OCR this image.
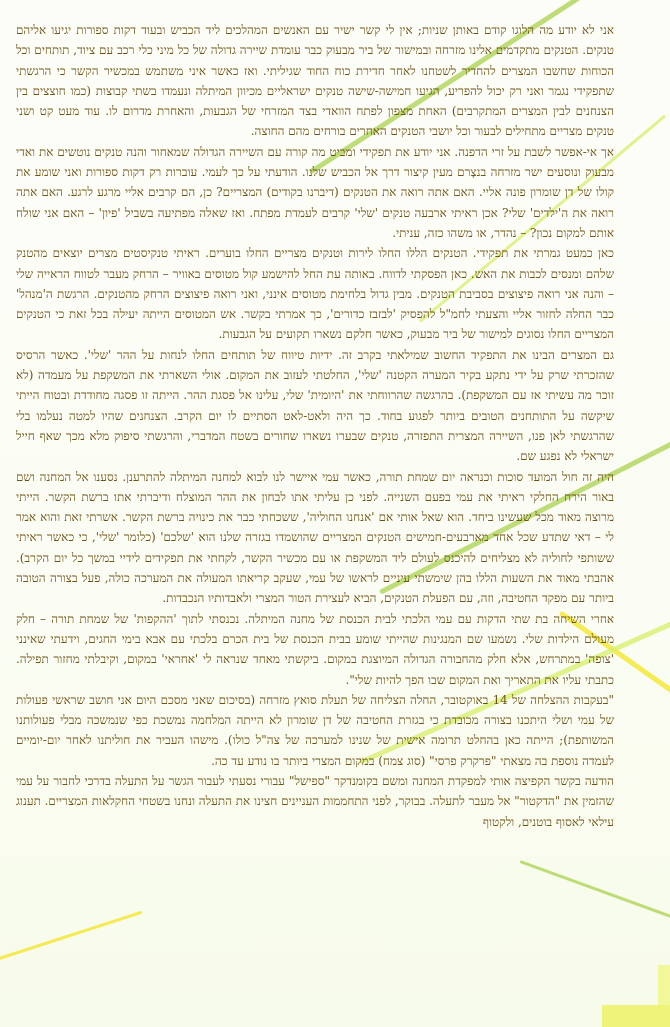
אני לא יודע מה הלוגו קודם באותן שניות; אין לי קשר ישיר עם האנשים המהלכים ליד הכביש ובעוד דקות ספורות יגיעו אליהם טנקים. הטנקים מתקדמים אלינו מזרחה ובמישור של ביר מבעוק כבר עומדת שיירה גדולה של כל מיני כלי רכב עם ציוד, תותחים וכל הכוחות שחשבו המצרים להחדיר לשטחנו לאחר חדירת כוח החוד שגיליתי. ואז כאשר איני משתמש במכשיר הקשר כי הרגשתי שתפקידי נגמר ואני רק יכול להפריע, הגיעו חמישה-שישה טנקים ישראליים מכיוון המיתלה ונעמדו בשתי קבוצות (כמו חוצצים בין הצנחנים לבין המצרים המתקרבים) האחת מצפון לפתח הוואדי בצד המזרחי של הגבעות, והאחרת מדרום לו. עוד מעט קט ושני טנקים מצריים מתחילים לבעור וכל יושבי הטנקים האחרים בורחים מהם החוצה.

אך אי-אפשר לשבת על זרי הדפנה. אני יודע את תפקידי ומביט מה קורה עם השיירה הגדולה שמאחור והנה טנקים נוטשים את ואדי מבעוק ונוסעים ישר מזרחה בנצָרם מעין קיצור דרך אל הכביש שלנו. הודעתי על כך לעמי. עוברות רק דקות ספורות ואני שומע את קולו של דן שומרון פונה אליי. האם אתה רואה את הטנקים (דיברנו בקודים) המצריים? כן, הם קרבים אליי מרגע לרגע. האם אתה רואה את ה'ילדים' שלי? אכן ראיתי ארבעה טנקים 'שלי' קרבים לעמדת מפתח. ואז שאלה מפתיעה בשביל 'פיון' – האם אני שולח אותם למקום נכון? – נהדר, או משהו כזה, עניתי.

כאן כמעט גמרתי את תפקידי. הטנקים הללו החלו לירות וטנקים מצריים החלו בוערים. ראיתי טנקיסטים מצרים יוצאים מהטנק שלהם ומנסים לכבות את האש. כאן הפסקתי לדווח. באותה עת החל להישמע קול מטוסים באוויר – הרחק מעבר לטווח הראייה שלי – והנה אני רואה פיצוצים בסביבת הטנקים. מבין גדול בלחימת מטוסים אינני, ואני רואה פיצוצים הרחק מהטנקים. הרגשת ה'מנהל' כבר החלה לחזור אליי והצעתי לחמ"ל להפסיק 'לבזבז כדורים', כך אמרתי בקשר. אש המטוסים הייתה יעילה בכל זאת כי הטנקים המצריים החלו נסוגים למישור של ביר מבעוק, כאשר חלקם נשארו תקועים על הגבעות.

גם המצרים הבינו את התפקיד החשוב שמילאתי בקרב זה. ידיות טיווח של תותחים החלו לנחות על ההר 'שלי'. כאשר הרסיס שהזכרתי שרק על ידי נתקע בקיר המערה הקטנה 'שלי', החלטתי לעזוב את המקום. אולי השארתי את המשקפת על מעמדה (לא זוכר מה עשיתי אז עם המשקפת). בהרגשה שהרווחתי את 'היומית' שלי, עלינו אל פסגת ההר. הייתה זו פסגה מחודדת ובטוח הייתי שיקשה על התותחנים הטובים ביותר לפגוע בחוד. כך היה ולאט-לאט הסתיים לו יום הקרב. הצנחנים שהיו למטה נעלמו בלי שהרגשתי לאן פנו, השיירה המצרית התפזרה, טנקים שבערו נשארו שחורים בשטח המדברי, והרגשתי סיפוק מלא מכך שאף חייל ישראלי לא נפגע שם.

היה זה חול המועד סוכות וכנראה יום שמחת תורה, כאשר עמי איישר לנו לבוא למחנה המיתלה להתרענן. נסענו אל המחנה ושם באור הירח החלקי ראיתי את עמי בפעם השנייה. לפני כן עליתי אתו לבחון את ההר המוצלח ודיברתי אתו ברשת הקשר. הייתי מרוצה מאוד מכל שעשינו ביחד. הוא שאל אותי אם 'אנחנו החוליה', ששכחתי כבר את כינויה ברשת הקשר. אשרתי זאת והוא אמר לי – דאי שתדע שכל אחד מארבעים-חמישים הטנקים המצריים שהושמדו בגזרה שלנו הוא 'שלכם' (כלומר 'שלי', כי כאשר ראיתי ששותפי לחוליה לא מצליחים להיכנס לעולם ליד המשקפת או עם מכשיר הקשר, לקחתי את תפקידים לידיי במשך כל יום הקרב). אהבתי מאוד את השעות הללו בהן שימשתי עיניים לראשו של עמי, שעקב קריאתו המעולה את המערכה כולה, פעל בצורה הטובה ביותר עם מפקד החטיבה, וזה, עם הפעלת הטנקים, הביא לעצירת הטור המצרי ולאבדותיו הנכבדות.

אחרי השיחה בת שתי הדקות עם עמי הלכתי לבית הכנסת של מחנה המיתלה. נכנסתי לתוך 'ההקפות' של שמחת תורה – חלק מעולם הילדות שלי. נשמעו שם המנגינות שהייתי שומע בבית הכנסת של בית הכרם בלכתי עם אבא בימי החגים, וידעתי שאינני 'צופה' במתרחש, אלא חלק מהחבורה הגדולה המיוצגת במקום. ביקשתי מאחד שנראה לי 'אחראי' במקום, וקיבלתי מחזור תפילה. כתבתי עליו את התאריך ואת המקום שבו הפך להיות שלי".

"בעקבות ההצלחה של 14 באוקטובר, החלה הצליחה של תעלת סואץ מזרחה (בסיכום שאני מסכם היום אני חושב שראשי פעולות של עמי ושלי היתכנו בצורה מכובדת כי בגזרת החטיבה של דן שומרון לא הייתה המלחמה נמשכת כפי שנמשכה מבלי פעולותנו המשותפת); הייתה כאן בהחלט תרומה אישית של שנינו למערכה של צה"ל כולו). מישהו העביר את חוליתנו לאחר יום-יומיים לעמדה נוספת בה מצאתי "פרקרק פרסי" (סוג צמח) במקום המצרי ביותר בו נודע עד כה.

הודעה בקשר הקפיצה אותי למפקדת המחנה ומשם בקומנדקר "ספישל" עבורי נסעתי לעבור הגשר על התעלה בדרכי לחבור על עמי שהזמין את "הדקטור" אל מעבר לתעלה. בבוקר, לפני התחממות העניינים חצינו את התעלה ונחנו בשטחי החקלאות המצריים. תענוג עילאי לאסוף בוטנים, ולקטוף
